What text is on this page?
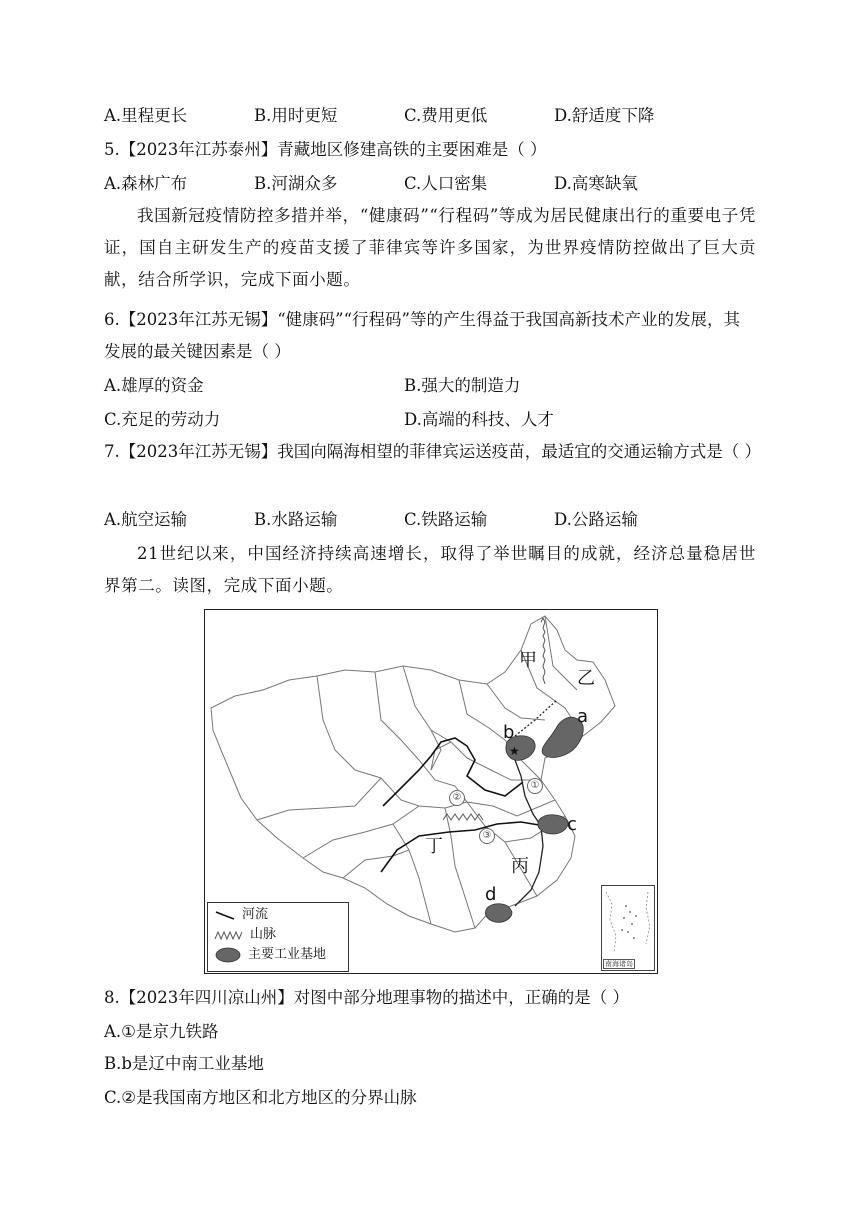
A.里程更长	B.用时更短	C.费用更低	D.舒适度下降
5.【2023年江苏泰州】青藏地区修建高铁的主要困难是（ ）
A.森林广布	B.河湖众多	C.人口密集	D.高寒缺氧
我国新冠疫情防控多措并举，“健康码”“行程码”等成为居民健康出行的重要电子凭证，国自主研发生产的疫苗支援了菲律宾等许多国家，为世界疫情防控做出了巨大贡献，结合所学识，完成下面小题。
6.【2023年江苏无锡】“健康码”“行程码”等的产生得益于我国高新技术产业的发展，其发展的最关键因素是（ ）
A.雄厚的资金	B.强大的制造力
C.充足的劳动力	D.高端的科技、人才
7.【2023年江苏无锡】我国向隔海相望的菲律宾运送疫苗，最适宜的交通运输方式是（ ）
A.航空运输	B.水路运输	C.铁路运输	D.公路运输
21世纪以来，中国经济持续高速增长，取得了举世瞩目的成就，经济总量稳居世界第二。读图，完成下面小题。
★
甲
乙
丙
丁
a
b
c
d
①
②
③
河流
山脉
主要工业基地
南海诸岛
8.【2023年四川凉山州】对图中部分地理事物的描述中，正确的是（ ）
A.①是京九铁路
B.b是辽中南工业基地
C.②是我国南方地区和北方地区的分界山脉
